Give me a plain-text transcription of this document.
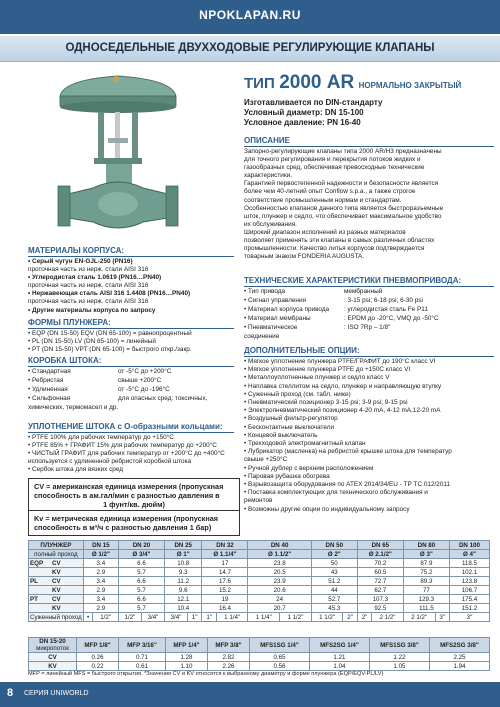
NPOKLAPAN.RU
ОДНОСЕДЕЛЬНЫЕ ДВУХХОДОВЫЕ РЕГУЛИРУЮЩИЕ КЛАПАНЫ
ТИП 2000 AR НОРМАЛЬНО ЗАКРЫТЫЙ
Изготавливается по DIN-стандарту
Условный диаметр: DN 15-100
Условное давление: PN 16-40
ОПИСАНИЕ
Запорно-регулирующие клапаны типа 2000 AR/H3 предназначены
для точного регулирования и перекрытия потоков жидких и
газообразных сред, обеспечивая превосходные технические
характеристики.
Гарантией первостепенной надежности и безопасности является
более чем 40-летний опыт Conflow s.p.a., а также строгое
соответствие промышленным нормам и стандартам.
Особенностью клапанов данного типа является быстроразъемные
шток, плунжер и седло, что обеспечивает максимальное удобство
их обслуживания.
Широкий диапазон исполнений из разных материалов
позволяет применять эти клапаны в самых различных областях
промышленности. Качество литья корпусов подтверждается
товарным знаком FONDERIA AUGUSTA.
МАТЕРИАЛЫ КОРПУСА:
• Серый чугун EN-GJL-250 (PN16)
проточная часть из нерж. стали AISI 316
• Углеродистая сталь 1.0619 (PN16…PN40)
проточная часть из нерж. стали AISI 316
• Нержавеющая сталь AISI 316 1.4408 (PN16…PN40)
проточная часть из нерж. стали AISI 316
• Другие материалы корпуса по запросу
ФОРМЫ ПЛУНЖЕРА:
• EQP (DN 15-50) EQV (DN 65-100) = равнопроцентный
• PL (DN 15-50) LV (DN 65-100) = линейный
• PT (DN 15-50) VPT (DN 65-100) = быстрого откр./закр.
КОРОБКА ШТОКА:
• Стандартная	от -5°С до +200°С
• Ребристая	свыше +200°С
• Удлиненная	от -5°С до -196°С
• Сильфонная	для опасных сред: токсичных,
химических, термомасел и др.
УПЛОТНЕНИЕ ШТОКА с О-образными кольцами:
• PTFE 100% для рабочих температур до +150°С
• PTFE 85% + ГРАФИТ 15% для рабочих температур до +200°С
• ЧИСТЫЙ ГРАФИТ для рабочих температур от +200°С до +400°С
используется с удлиненной ребристой коробкой штока
• Сербок штока для вязких сред
ТЕХНИЧЕСКИЕ ХАРАКТЕРИСТИКИ ПНЕВМОПРИВОДА:
• Тип привода	мембранный
• Сигнал управления	: 3-15 psi; 6-18 psi; 6-30 psi
• Материал корпуса привода : углеродистая сталь Fe P11
• Материал мембраны	: EPDM до -20°С, VMQ до -50°С
• Пневматическое	: ISO 7Rp – 1/8"
соединение
ДОПОЛНИТЕЛЬНЫЕ ОПЦИИ:
• Мягкое уплотнение плунжера PTFE/ГРАФИТ до 190°С класс VI
• Мягкое уплотнение плунжера PTFE до +150С класс VI
• Металлоуплотненные плунжер и седло класс V
• Наплавка стеллитом на седло, плунжер и направляющую втулку
• Суженный проход (см. табл. ниже)
• Пневматический позиционер 3-15 psi; 3-9 psi; 9-15 psi
• Электропневматический позиционер 4-20 mA, 4-12 mA,12-20 mA
• Воздушный фильтр-регулятор
• Бесконтактные выключатели
• Концевой выключатель
• Трехходовой электромагнитный клапан
• Лубрикатор (масленка) на ребристой крышке штока для температур
свыше +250°С
• Ручной дублер с верхним расположением
• Паровая рубашка обогрева
• Взрывозащита оборудования по ATEX 2014/34/EU - ТР ТС 012/2011
• Поставка комплектующих для технического обслуживания и
ремонтов
• Возможны другие опции по индивидуальному запросу
CV = американская единица измерения (пропускная
способность в ам.гал/мин с разностью давления в
1 фунт/кв. дюйм)
Kv = метрическая единица измерения (пропускная
способность в м³/ч с разностью давления 1 бар)
ПЛУНЖЕР	DN 15		DN 20		DN 25		DN 32		DN 40		DN 50		DN 65		DN 80		DN 100
полный проход	Ø 1/2"		Ø 3/4"		Ø 1"		Ø 1.1/4"		Ø 1.1/2"		Ø 2"		Ø 2.1/2"		Ø 3"		Ø 4"
EQP CV	3.4		6.6		10.8		17		23.8		50		70.2		87.9		118.5
KV	2.9		5.7		9.3		14.7		20.5		43		60.5		75.2		102.1
PL CV	3.4		6.6		11.2		17.6		23.9		51.2		72.7		89.3		123.8
KV	2.9		5.7		9.6		15.2		20.6		44		62.7		77		106.7
PT CV	3.4		6.6		12.1		19		24		52.7		107.3		129.3		175.4
KV	2.9		5.7		10.4		16.4		20.7		45.3		92.5		111.5		151.2
Суженный проход	•	1/2"	1/2"	3/4"	3/4"	1"	1"	1 1/4"	1 1/4"	1 1/2"	1 1/2"	2"	2"	2 1/2"	2 1/2"	3"	3"
DN 15-20
микропоток	MFP 1/8"	MFP 3/16"	MFP 1/4"	MFP 3/8"	MFS1SG 1/4"	MFS2SG 1/4"	MFS1SG 3/8"	MFS2SG 3/8"
CV	0.26	0.71	1.28	2.82	0.65	1.21	1.22	2.25
KV	0.22	0.61	1.10	2.26	0.56	1.04	1.05	1.94
MFP = линейный MFS = быстрого открытия. *Значения CV и KV относятся к выбранному диаметру и форме плунжера (EQP/EQV-PL/LV)
8 СЕРИЯ UNIWORLD
